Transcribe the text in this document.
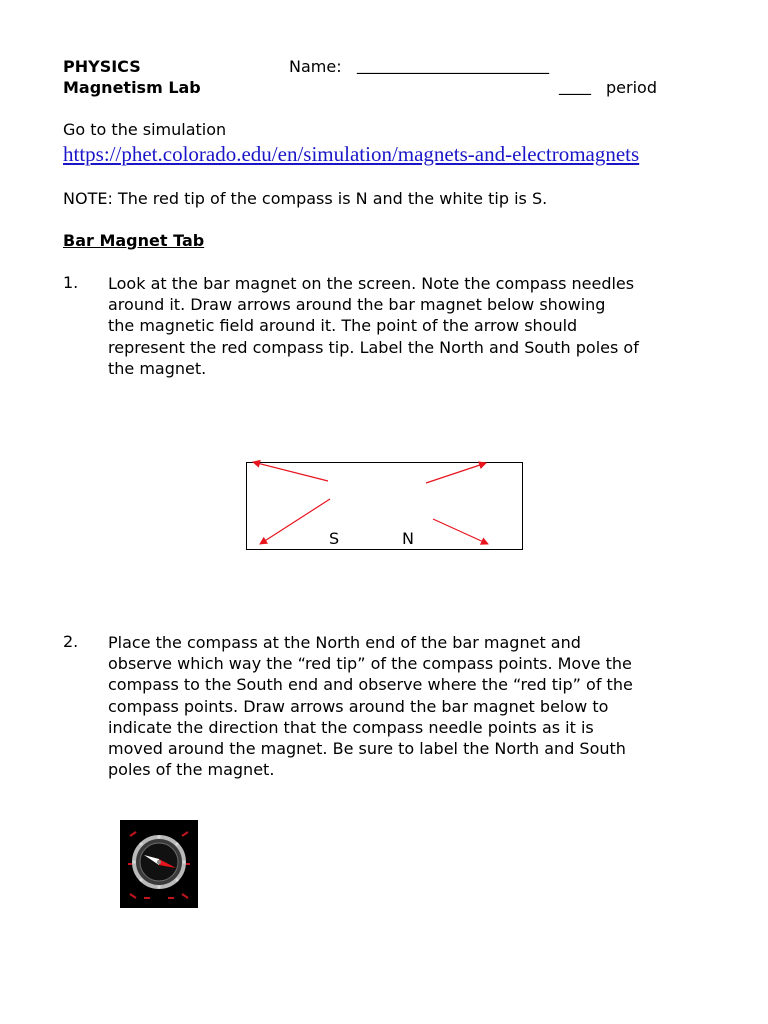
PHYSICS
Magnetism Lab
Name: ________________________
____ period
Go to the simulation
https://phet.colorado.edu/en/simulation/magnets-and-electromagnets
NOTE: The red tip of the compass is N and the white tip is S.
Bar Magnet Tab
1. Look at the bar magnet on the screen. Note the compass needles
around it. Draw arrows around the bar magnet below showing
the magnetic field around it. The point of the arrow should
represent the red compass tip. Label the North and South poles of
the magnet.
S	N
2. Place the compass at the North end of the bar magnet and
observe which way the “red tip” of the compass points. Move the
compass to the South end and observe where the “red tip” of the
compass points. Draw arrows around the bar magnet below to
indicate the direction that the compass needle points as it is
moved around the magnet. Be sure to label the North and South
poles of the magnet.
